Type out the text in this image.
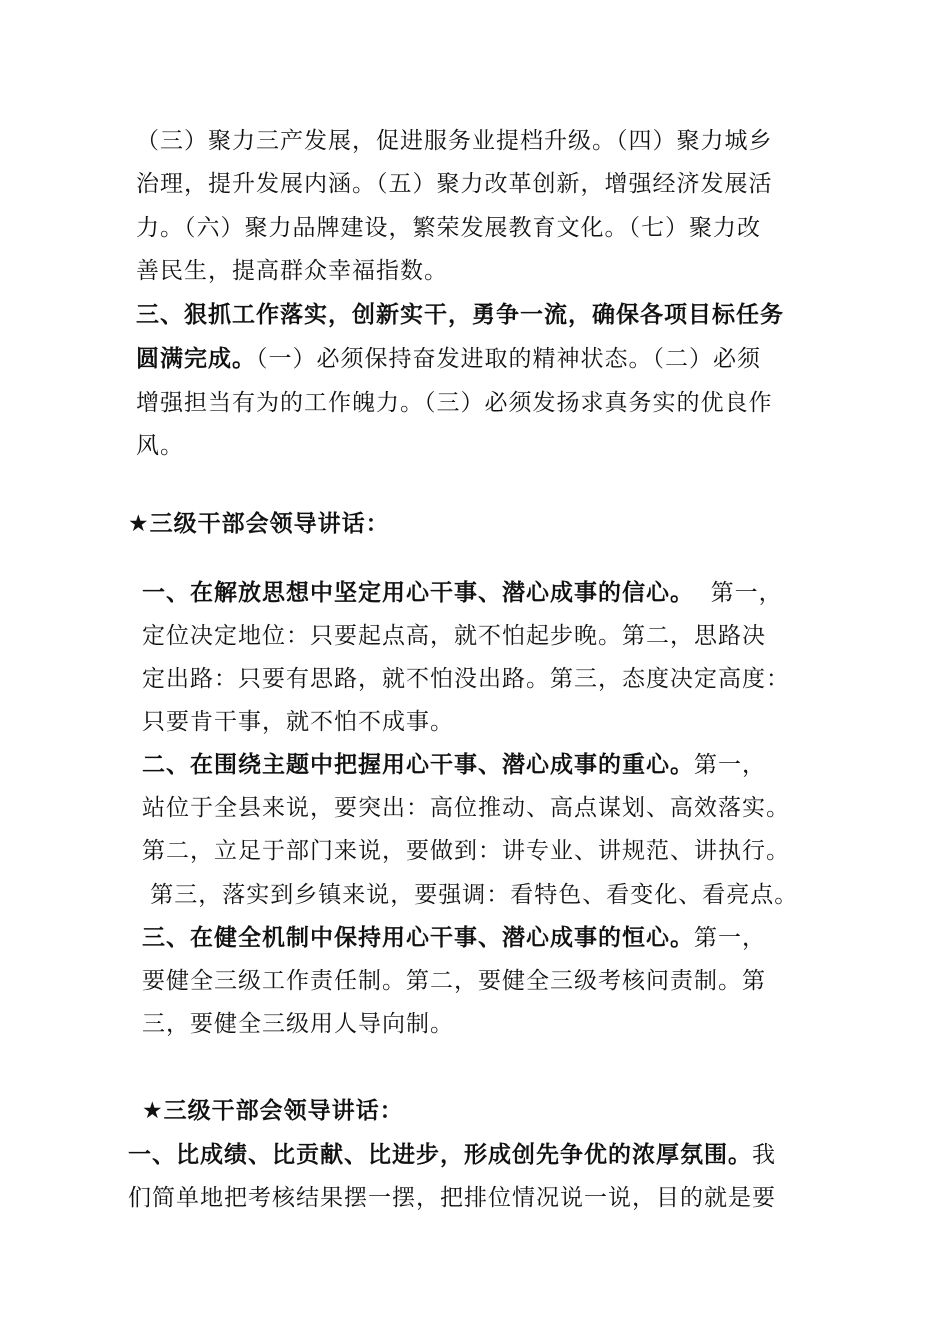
（三）聚力三产发展，促进服务业提档升级。（四）聚力城乡
治理，提升发展内涵。（五）聚力改革创新，增强经济发展活
力。（六）聚力品牌建设，繁荣发展教育文化。（七）聚力改
善民生，提高群众幸福指数。
三、狠抓工作落实，创新实干，勇争一流，确保各项目标任务
圆满完成。（一）必须保持奋发进取的精神状态。（二）必须
增强担当有为的工作魄力。（三）必须发扬求真务实的优良作
风。
★三级干部会领导讲话：
一、在解放思想中坚定用心干事、潜心成事的信心。  第一，
定位决定地位：只要起点高，就不怕起步晚。第二，思路决
定出路：只要有思路，就不怕没出路。第三，态度决定高度：
只要肯干事，就不怕不成事。
二、在围绕主题中把握用心干事、潜心成事的重心。第一，
站位于全县来说，要突出：高位推动、高点谋划、高效落实。
第二，立足于部门来说，要做到：讲专业、讲规范、讲执行。
第三，落实到乡镇来说，要强调：看特色、看变化、看亮点。
三、在健全机制中保持用心干事、潜心成事的恒心。第一，
要健全三级工作责任制。第二，要健全三级考核问责制。第
三，要健全三级用人导向制。
★三级干部会领导讲话：
一、比成绩、比贡献、比进步，形成创先争优的浓厚氛围。我
们简单地把考核结果摆一摆，把排位情况说一说，目的就是要
